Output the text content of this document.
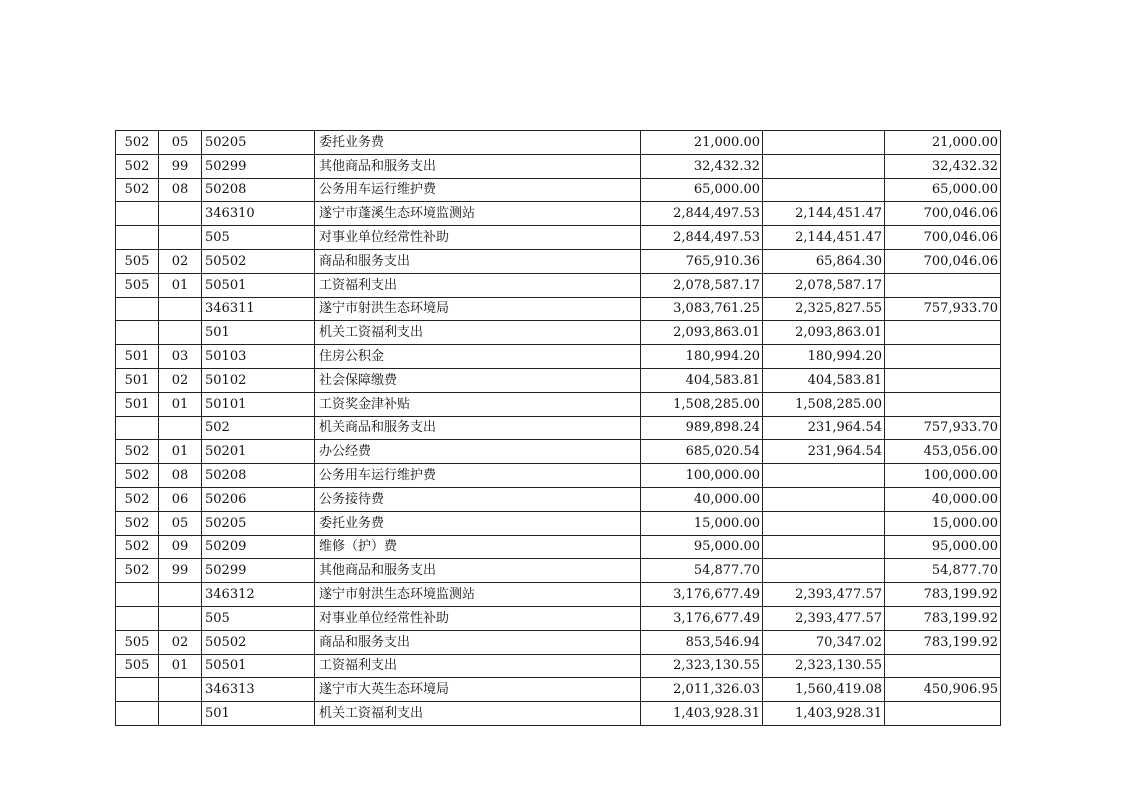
502	05	50205	委托业务费	21,000.00		21,000.00
502	99	50299	其他商品和服务支出	32,432.32		32,432.32
502	08	50208	公务用车运行维护费	65,000.00		65,000.00
		346310	遂宁市蓬溪生态环境监测站	2,844,497.53	2,144,451.47	700,046.06
		505	对事业单位经常性补助	2,844,497.53	2,144,451.47	700,046.06
505	02	50502	商品和服务支出	765,910.36	65,864.30	700,046.06
505	01	50501	工资福利支出	2,078,587.17	2,078,587.17	
		346311	遂宁市射洪生态环境局	3,083,761.25	2,325,827.55	757,933.70
		501	机关工资福利支出	2,093,863.01	2,093,863.01	
501	03	50103	住房公积金	180,994.20	180,994.20	
501	02	50102	社会保障缴费	404,583.81	404,583.81	
501	01	50101	工资奖金津补贴	1,508,285.00	1,508,285.00	
		502	机关商品和服务支出	989,898.24	231,964.54	757,933.70
502	01	50201	办公经费	685,020.54	231,964.54	453,056.00
502	08	50208	公务用车运行维护费	100,000.00		100,000.00
502	06	50206	公务接待费	40,000.00		40,000.00
502	05	50205	委托业务费	15,000.00		15,000.00
502	09	50209	维修（护）费	95,000.00		95,000.00
502	99	50299	其他商品和服务支出	54,877.70		54,877.70
		346312	遂宁市射洪生态环境监测站	3,176,677.49	2,393,477.57	783,199.92
		505	对事业单位经常性补助	3,176,677.49	2,393,477.57	783,199.92
505	02	50502	商品和服务支出	853,546.94	70,347.02	783,199.92
505	01	50501	工资福利支出	2,323,130.55	2,323,130.55	
		346313	遂宁市大英生态环境局	2,011,326.03	1,560,419.08	450,906.95
		501	机关工资福利支出	1,403,928.31	1,403,928.31	
